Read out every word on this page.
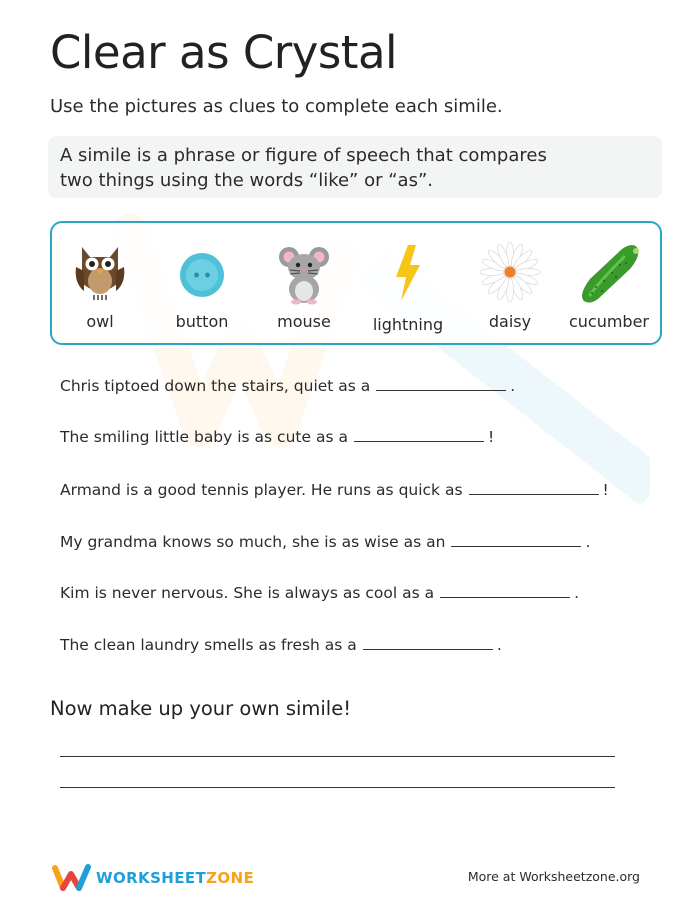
Clear as Crystal

Use the pictures as clues to complete each simile.

A simile is a phrase or figure of speech that compares
two things using the words “like” or “as”.
owl	button	mouse	lightning	daisy	cucumber
Chris tiptoed down the stairs, quiet as a	.
The smiling little baby is as cute as a	!
Armand is a good tennis player. He runs as quick as	!
My grandma knows so much, she is as wise as an	.
Kim is never nervous. She is always as cool as a	.
The clean laundry smells as fresh as a	.
Now make up your own simile!
WORKSHEETZONE	More at Worksheetzone.org
